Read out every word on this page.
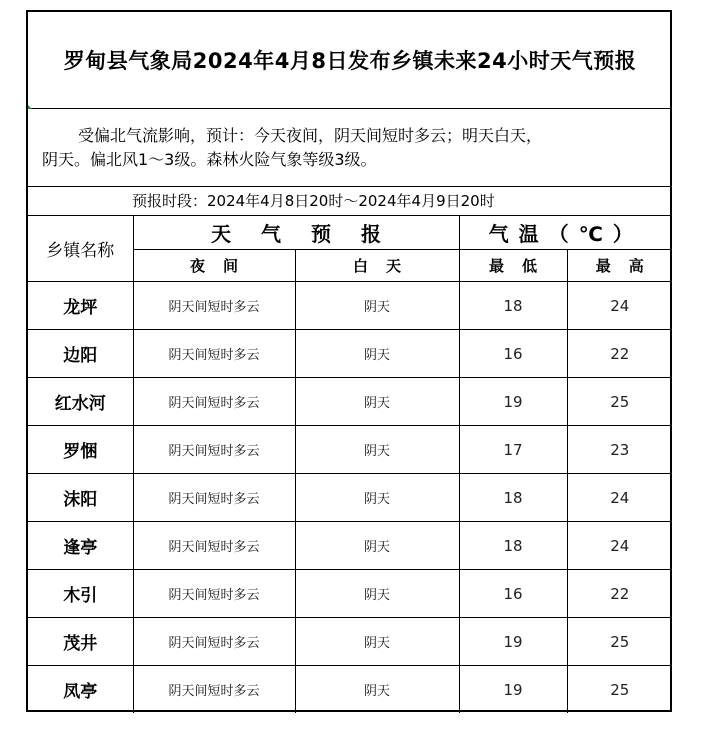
罗甸县气象局2024年4月8日发布乡镇未来24小时天气预报
受偏北气流影响，预计：今天夜间，阴天间短时多云；明天白天，
阴天。偏北风1～3级。森林火险气象等级3级。
预报时段：2024年4月8日20时～2024年4月9日20时
乡镇名称	天气预报		气温（℃）	
	夜间	白天	最低	最高
龙坪	阴天间短时多云	阴天	18	24
边阳	阴天间短时多云	阴天	16	22
红水河	阴天间短时多云	阴天	19	25
罗悃	阴天间短时多云	阴天	17	23
沫阳	阴天间短时多云	阴天	18	24
逢亭	阴天间短时多云	阴天	18	24
木引	阴天间短时多云	阴天	16	22
茂井	阴天间短时多云	阴天	19	25
凤亭	阴天间短时多云	阴天	19	25
